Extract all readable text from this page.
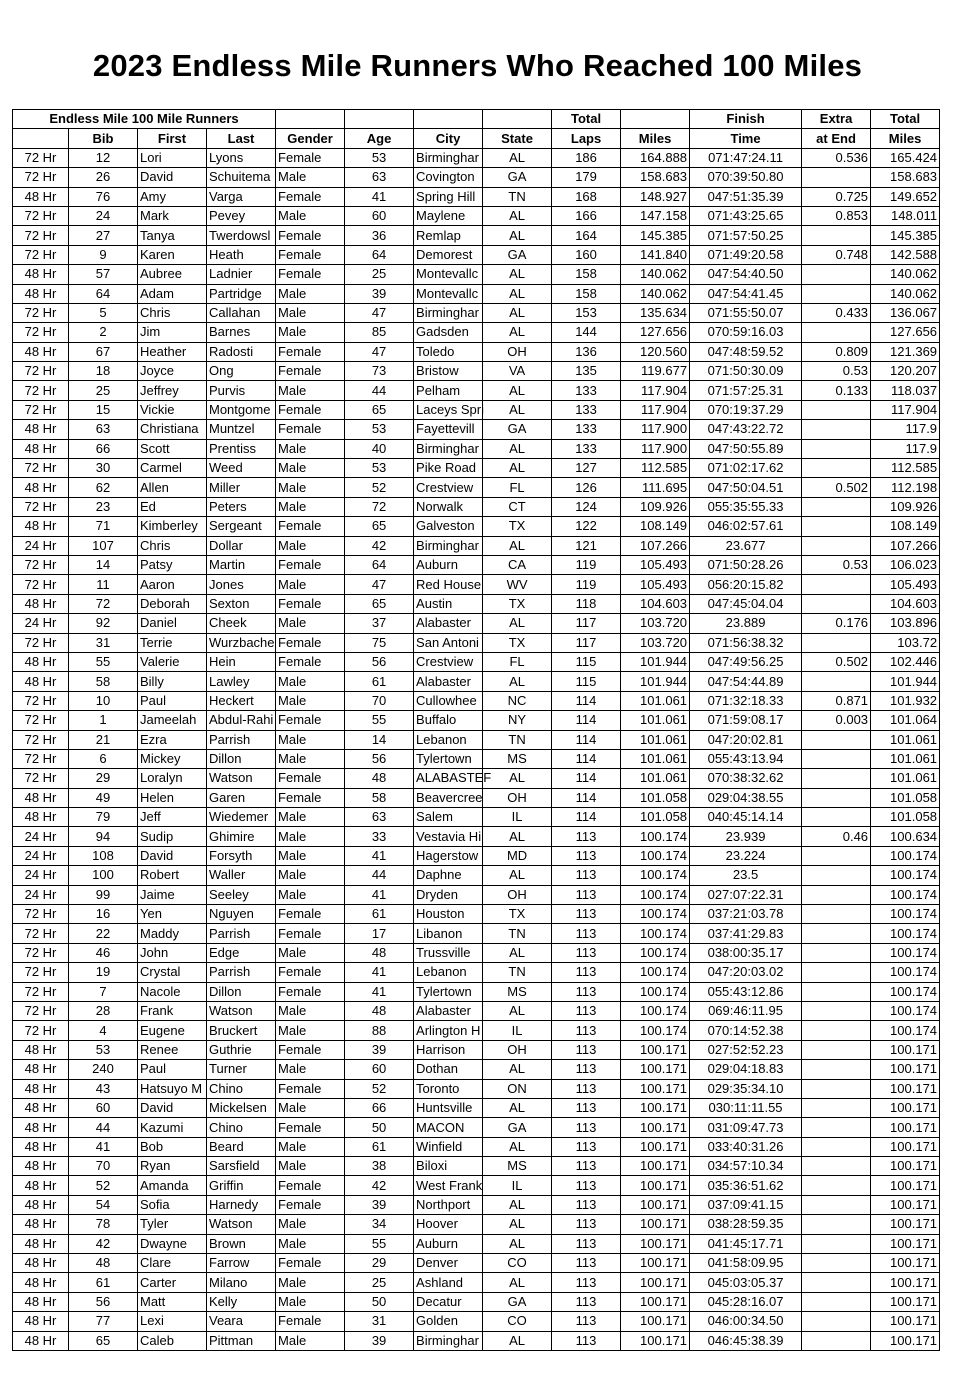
2023 Endless Mile Runners Who Reached 100 Miles
Endless Mile 100 Mile Runners								Total		Finish	Extra	Total
	Bib	First	Last	Gender	Age	City	State	Laps	Miles	Time	at End	Miles
72 Hr	12	Lori	Lyons	Female	53	Birminghar	AL	186	164.888	071:47:24.11	0.536	165.424
72 Hr	26	David	Schuitema	Male	63	Covington	GA	179	158.683	070:39:50.80		158.683
48 Hr	76	Amy	Varga	Female	41	Spring Hill	TN	168	148.927	047:51:35.39	0.725	149.652
72 Hr	24	Mark	Pevey	Male	60	Maylene	AL	166	147.158	071:43:25.65	0.853	148.011
72 Hr	27	Tanya	Twerdowsl	Female	36	Remlap	AL	164	145.385	071:57:50.25		145.385
72 Hr	9	Karen	Heath	Female	64	Demorest	GA	160	141.840	071:49:20.58	0.748	142.588
48 Hr	57	Aubree	Ladnier	Female	25	Montevallc	AL	158	140.062	047:54:40.50		140.062
48 Hr	64	Adam	Partridge	Male	39	Montevallc	AL	158	140.062	047:54:41.45		140.062
72 Hr	5	Chris	Callahan	Male	47	Birminghar	AL	153	135.634	071:55:50.07	0.433	136.067
72 Hr	2	Jim	Barnes	Male	85	Gadsden	AL	144	127.656	070:59:16.03		127.656
48 Hr	67	Heather	Radosti	Female	47	Toledo	OH	136	120.560	047:48:59.52	0.809	121.369
72 Hr	18	Joyce	Ong	Female	73	Bristow	VA	135	119.677	071:50:30.09	0.53	120.207
72 Hr	25	Jeffrey	Purvis	Male	44	Pelham	AL	133	117.904	071:57:25.31	0.133	118.037
72 Hr	15	Vickie	Montgome	Female	65	Laceys Spri	AL	133	117.904	070:19:37.29		117.904
48 Hr	63	Christiana	Muntzel	Female	53	Fayettevill	GA	133	117.900	047:43:22.72		117.9
48 Hr	66	Scott	Prentiss	Male	40	Birminghar	AL	133	117.900	047:50:55.89		117.9
72 Hr	30	Carmel	Weed	Male	53	Pike Road	AL	127	112.585	071:02:17.62		112.585
48 Hr	62	Allen	Miller	Male	52	Crestview	FL	126	111.695	047:50:04.51	0.502	112.198
72 Hr	23	Ed	Peters	Male	72	Norwalk	CT	124	109.926	055:35:55.33		109.926
48 Hr	71	Kimberley	Sergeant	Female	65	Galveston	TX	122	108.149	046:02:57.61		108.149
24 Hr	107	Chris	Dollar	Male	42	Birminghar	AL	121	107.266	23.677		107.266
72 Hr	14	Patsy	Martin	Female	64	Auburn	CA	119	105.493	071:50:28.26	0.53	106.023
72 Hr	11	Aaron	Jones	Male	47	Red House	WV	119	105.493	056:20:15.82		105.493
48 Hr	72	Deborah	Sexton	Female	65	Austin	TX	118	104.603	047:45:04.04		104.603
24 Hr	92	Daniel	Cheek	Male	37	Alabaster	AL	117	103.720	23.889	0.176	103.896
72 Hr	31	Terrie	Wurzbache	Female	75	San Antoni	TX	117	103.720	071:56:38.32		103.72
48 Hr	55	Valerie	Hein	Female	56	Crestview	FL	115	101.944	047:49:56.25	0.502	102.446
48 Hr	58	Billy	Lawley	Male	61	Alabaster	AL	115	101.944	047:54:44.89		101.944
72 Hr	10	Paul	Heckert	Male	70	Cullowhee	NC	114	101.061	071:32:18.33	0.871	101.932
72 Hr	1	Jameelah	Abdul-Rahi	Female	55	Buffalo	NY	114	101.061	071:59:08.17	0.003	101.064
72 Hr	21	Ezra	Parrish	Male	14	Lebanon	TN	114	101.061	047:20:02.81		101.061
72 Hr	6	Mickey	Dillon	Male	56	Tylertown	MS	114	101.061	055:43:13.94		101.061
72 Hr	29	Loralyn	Watson	Female	48	ALABASTEF	AL	114	101.061	070:38:32.62		101.061
48 Hr	49	Helen	Garen	Female	58	Beavercree	OH	114	101.058	029:04:38.55		101.058
48 Hr	79	Jeff	Wiedemer	Male	63	Salem	IL	114	101.058	040:45:14.14		101.058
24 Hr	94	Sudip	Ghimire	Male	33	Vestavia Hi	AL	113	100.174	23.939	0.46	100.634
24 Hr	108	David	Forsyth	Male	41	Hagerstow	MD	113	100.174	23.224		100.174
24 Hr	100	Robert	Waller	Male	44	Daphne	AL	113	100.174	23.5		100.174
24 Hr	99	Jaime	Seeley	Male	41	Dryden	OH	113	100.174	027:07:22.31		100.174
72 Hr	16	Yen	Nguyen	Female	61	Houston	TX	113	100.174	037:21:03.78		100.174
72 Hr	22	Maddy	Parrish	Female	17	Libanon	TN	113	100.174	037:41:29.83		100.174
72 Hr	46	John	Edge	Male	48	Trussville	AL	113	100.174	038:00:35.17		100.174
72 Hr	19	Crystal	Parrish	Female	41	Lebanon	TN	113	100.174	047:20:03.02		100.174
72 Hr	7	Nacole	Dillon	Female	41	Tylertown	MS	113	100.174	055:43:12.86		100.174
72 Hr	28	Frank	Watson	Male	48	Alabaster	AL	113	100.174	069:46:11.95		100.174
72 Hr	4	Eugene	Bruckert	Male	88	Arlington H	IL	113	100.174	070:14:52.38		100.174
48 Hr	53	Renee	Guthrie	Female	39	Harrison	OH	113	100.171	027:52:52.23		100.171
48 Hr	240	Paul	Turner	Male	60	Dothan	AL	113	100.171	029:04:18.83		100.171
48 Hr	43	Hatsuyo M	Chino	Female	52	Toronto	ON	113	100.171	029:35:34.10		100.171
48 Hr	60	David	Mickelsen	Male	66	Huntsville	AL	113	100.171	030:11:11.55		100.171
48 Hr	44	Kazumi	Chino	Female	50	MACON	GA	113	100.171	031:09:47.73		100.171
48 Hr	41	Bob	Beard	Male	61	Winfield	AL	113	100.171	033:40:31.26		100.171
48 Hr	70	Ryan	Sarsfield	Male	38	Biloxi	MS	113	100.171	034:57:10.34		100.171
48 Hr	52	Amanda	Griffin	Female	42	West Frank	IL	113	100.171	035:36:51.62		100.171
48 Hr	54	Sofia	Harnedy	Female	39	Northport	AL	113	100.171	037:09:41.15		100.171
48 Hr	78	Tyler	Watson	Male	34	Hoover	AL	113	100.171	038:28:59.35		100.171
48 Hr	42	Dwayne	Brown	Male	55	Auburn	AL	113	100.171	041:45:17.71		100.171
48 Hr	48	Clare	Farrow	Female	29	Denver	CO	113	100.171	041:58:09.95		100.171
48 Hr	61	Carter	Milano	Male	25	Ashland	AL	113	100.171	045:03:05.37		100.171
48 Hr	56	Matt	Kelly	Male	50	Decatur	GA	113	100.171	045:28:16.07		100.171
48 Hr	77	Lexi	Veara	Female	31	Golden	CO	113	100.171	046:00:34.50		100.171
48 Hr	65	Caleb	Pittman	Male	39	Birminghar	AL	113	100.171	046:45:38.39		100.171
